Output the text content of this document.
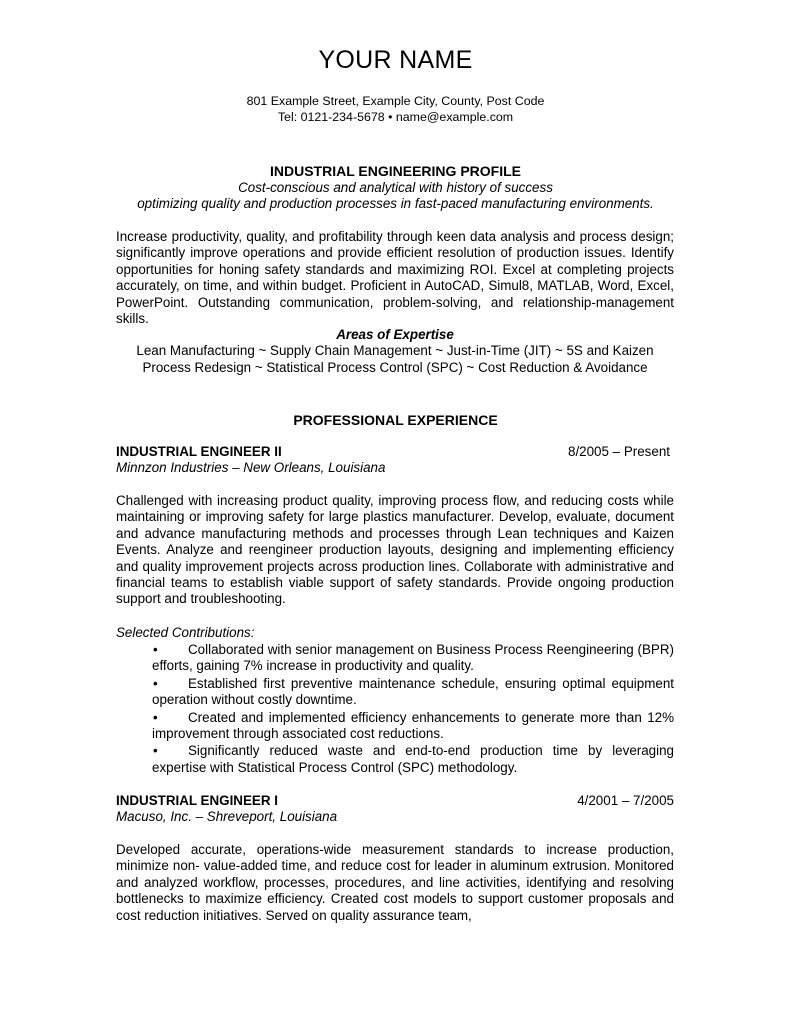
YOUR NAME
801 Example Street, Example City, County, Post Code
Tel: 0121-234-5678 • name@example.com
INDUSTRIAL ENGINEERING PROFILE
Cost-conscious and analytical with history of success
optimizing quality and production processes in fast-paced manufacturing environments.
Increase productivity, quality, and profitability through keen data analysis and process design; significantly improve operations and provide efficient resolution of production issues. Identify opportunities for honing safety standards and maximizing ROI. Excel at completing projects accurately, on time, and within budget. Proficient in AutoCAD, Simul8, MATLAB, Word, Excel, PowerPoint. Outstanding communication, problem-solving, and relationship-management skills.
Areas of Expertise
Lean Manufacturing ~ Supply Chain Management ~ Just-in-Time (JIT) ~ 5S and Kaizen
Process Redesign ~ Statistical Process Control (SPC) ~ Cost Reduction & Avoidance
PROFESSIONAL EXPERIENCE
INDUSTRIAL ENGINEER II	8/2005 – Present
Minnzon Industries – New Orleans, Louisiana
Challenged with increasing product quality, improving process flow, and reducing costs while maintaining or improving safety for large plastics manufacturer. Develop, evaluate, document and advance manufacturing methods and processes through Lean techniques and Kaizen Events. Analyze and reengineer production layouts, designing and implementing efficiency and quality improvement projects across production lines. Collaborate with administrative and financial teams to establish viable support of safety standards. Provide ongoing production support and troubleshooting.
Selected Contributions:
•	Collaborated with senior management on Business Process Reengineering (BPR) efforts, gaining 7% increase in productivity and quality.
•	Established first preventive maintenance schedule, ensuring optimal equipment operation without costly downtime.
•	Created and implemented efficiency enhancements to generate more than 12% improvement through associated cost reductions.
•	Significantly reduced waste and end-to-end production time by leveraging expertise with Statistical Process Control (SPC) methodology.
INDUSTRIAL ENGINEER I	4/2001 – 7/2005
Macuso, Inc. – Shreveport, Louisiana
Developed accurate, operations-wide measurement standards to increase production, minimize non- value-added time, and reduce cost for leader in aluminum extrusion. Monitored and analyzed workflow, processes, procedures, and line activities, identifying and resolving bottlenecks to maximize efficiency. Created cost models to support customer proposals and cost reduction initiatives. Served on quality assurance team,
